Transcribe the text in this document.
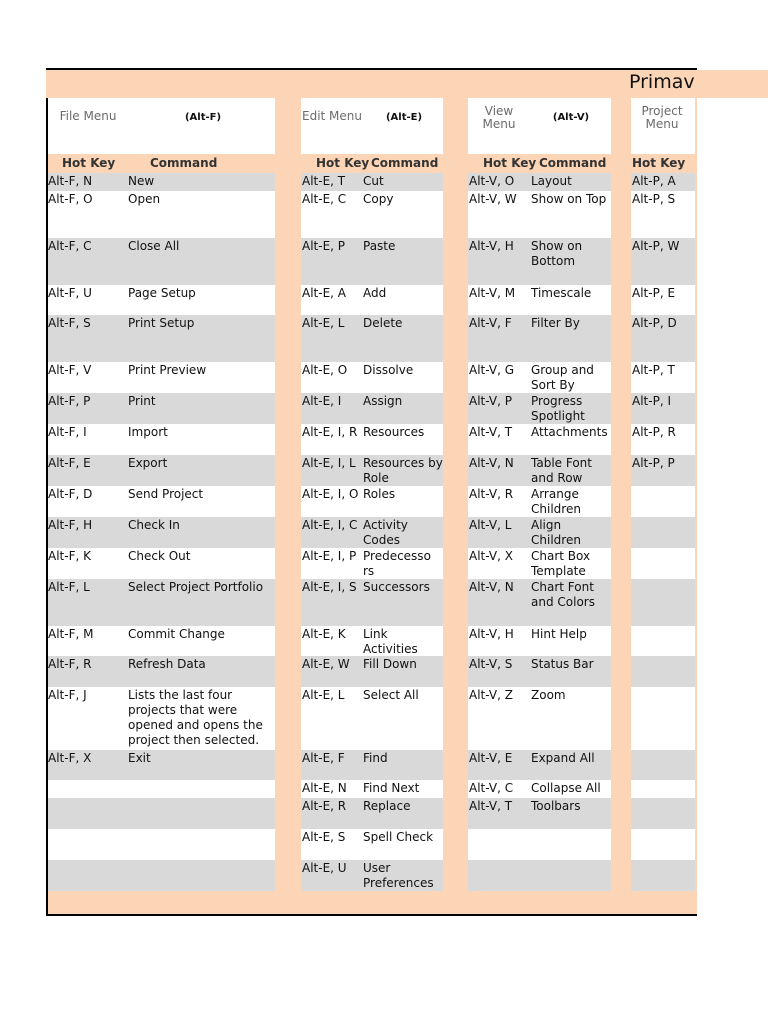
Primav
File Menu	(Alt-F)
Hot Key	Command
Alt-F, N	New
Alt-F, O	Open
Alt-F, C	Close All
Alt-F, U	Page Setup
Alt-F, S	Print Setup
Alt-F, V	Print Preview
Alt-F, P	Print
Alt-F, I	Import
Alt-F, E	Export
Alt-F, D	Send Project
Alt-F, H	Check In
Alt-F, K	Check Out
Alt-F, L	Select Project Portfolio
Alt-F, M	Commit Change
Alt-F, R	Refresh Data
Alt-F, J	Lists the last four projects that were opened and opens the project then selected.
Alt-F, X	Exit
Edit Menu	(Alt-E)
Hot Key Command
Alt-E, T	Cut
Alt-E, C	Copy
Alt-E, P	Paste
Alt-E, A	Add
Alt-E, L	Delete
Alt-E, O	Dissolve
Alt-E, I	Assign
Alt-E, I, R Resources
Alt-E, I, L Resources by Role
Alt-E, I, O Roles
Alt-E, I, C Activity Codes
Alt-E, I, P Predecesso rs
Alt-E, I, S Successors
Alt-E, K	Link Activities
Alt-E, W	Fill Down
Alt-E, L	Select All
Alt-E, F	Find
Alt-E, N	Find Next
Alt-E, R	Replace
Alt-E, S	Spell Check
Alt-E, U	User Preferences
View
Menu	(Alt-V)
Hot Key Command
Alt-V, O	Layout
Alt-V, W	Show on Top
Alt-V, H	Show on Bottom
Alt-V, M	Timescale
Alt-V, F	Filter By
Alt-V, G	Group and Sort By
Alt-V, P	Progress Spotlight
Alt-V, T	Attachments
Alt-V, N	Table Font and Row
Alt-V, R	Arrange Children
Alt-V, L	Align Children
Alt-V, X	Chart Box Template
Alt-V, N	Chart Font and Colors
Alt-V, H	Hint Help
Alt-V, S	Status Bar
Alt-V, Z	Zoom
Alt-V, E	Expand All
Alt-V, C	Collapse All
Alt-V, T	Toolbars
Project
Menu
Hot Key
Alt-P, A
Alt-P, S
Alt-P, W
Alt-P, E
Alt-P, D
Alt-P, T
Alt-P, I
Alt-P, R
Alt-P, P
